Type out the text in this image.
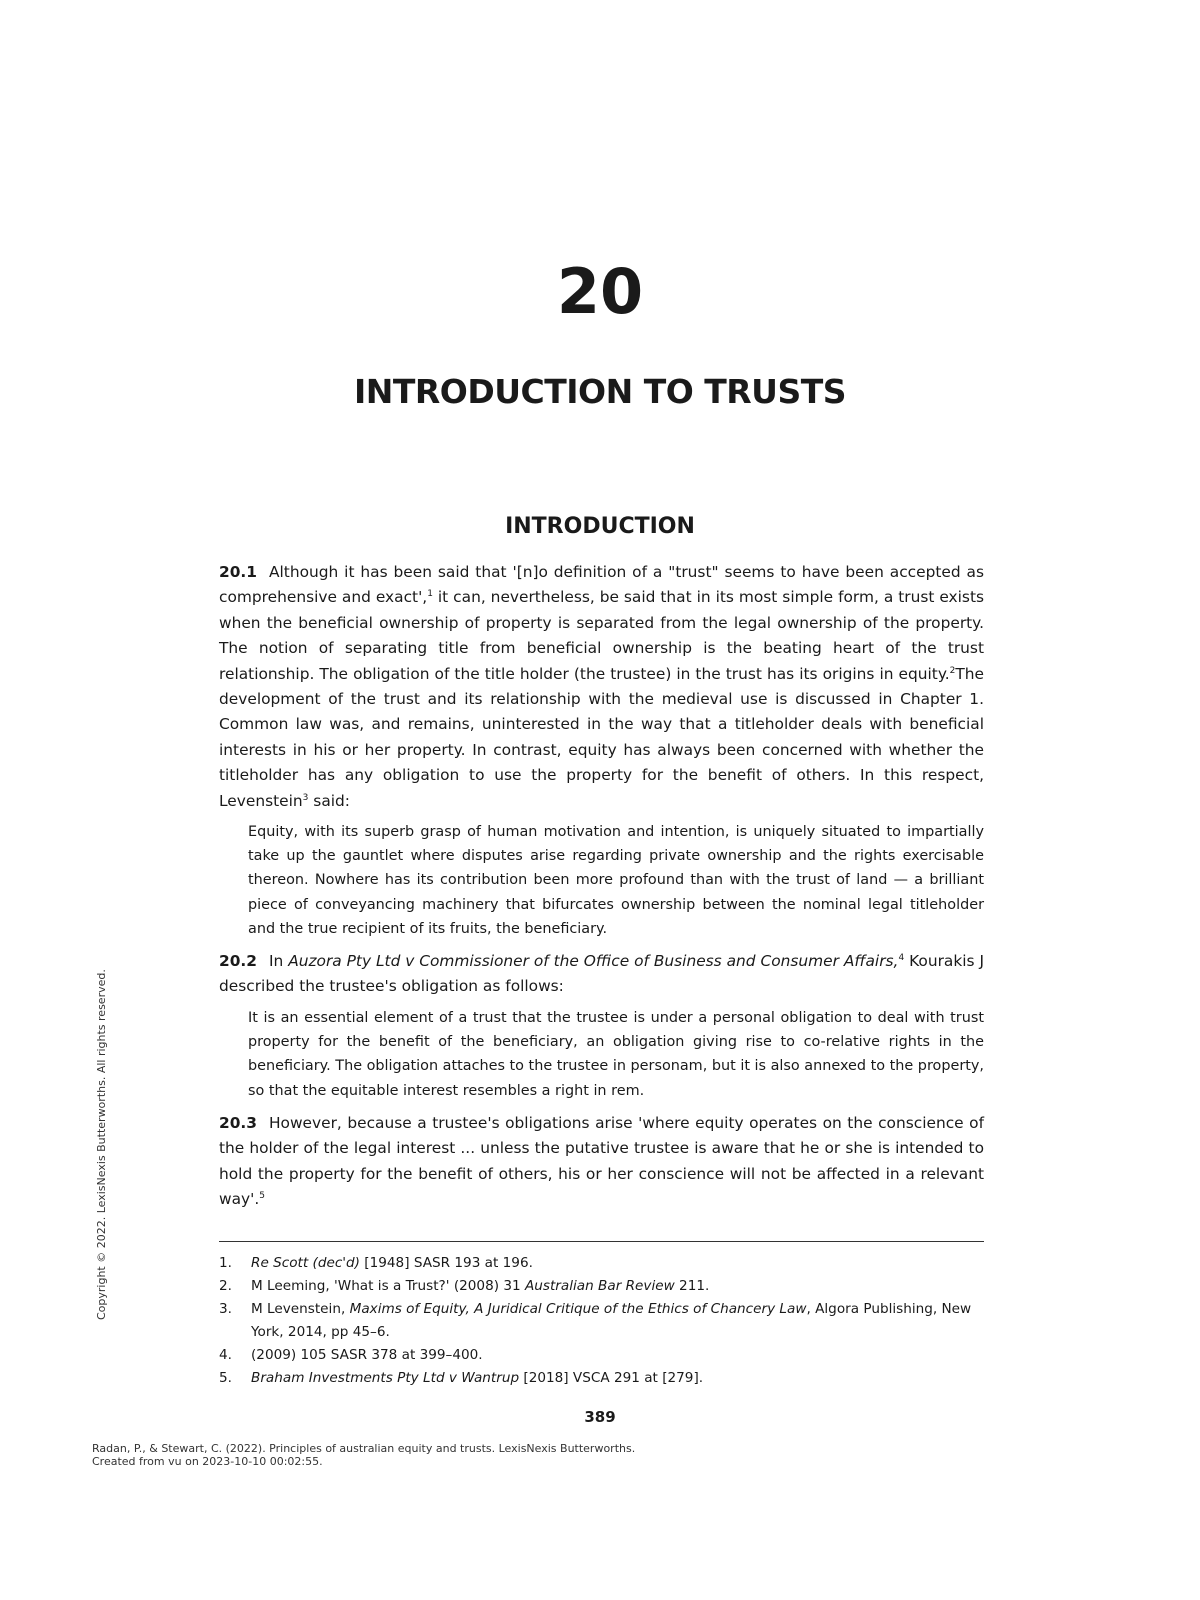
20
INTRODUCTION TO TRUSTS
INTRODUCTION

20.1 Although it has been said that '[n]o definition of a "trust" seems to have been accepted as comprehensive and exact',$^1$ it can, nevertheless, be said that in its most simple form, a trust exists when the beneficial ownership of property is separated from the legal ownership of the property. The notion of separating title from beneficial ownership is the beating heart of the trust relationship. The obligation of the title holder (the trustee) in the trust has its origins in equity.$^2$The development of the trust and its relationship with the medieval use is discussed in Chapter 1. Common law was, and remains, uninterested in the way that a titleholder deals with beneficial interests in his or her property. In contrast, equity has always been concerned with whether the titleholder has any obligation to use the property for the benefit of others. In this respect, Levenstein$^3$ said:

Equity, with its superb grasp of human motivation and intention, is uniquely situated to impartially take up the gauntlet where disputes arise regarding private ownership and the rights exercisable thereon. Nowhere has its contribution been more profound than with the trust of land — a brilliant piece of conveyancing machinery that bifurcates ownership between the nominal legal titleholder and the true recipient of its fruits, the beneficiary.

20.2 In Auzora Pty Ltd v Commissioner of the Office of Business and Consumer Affairs,$^4$ Kourakis J described the trustee's obligation as follows:

It is an essential element of a trust that the trustee is under a personal obligation to deal with trust property for the benefit of the beneficiary, an obligation giving rise to co-relative rights in the beneficiary. The obligation attaches to the trustee in personam, but it is also annexed to the property, so that the equitable interest resembles a right in rem.

20.3 However, because a trustee's obligations arise 'where equity operates on the conscience of the holder of the legal interest ... unless the putative trustee is aware that he or she is intended to hold the property for the benefit of others, his or her conscience will not be affected in a relevant way'.$^5$

1.	Re Scott (dec'd) [1948] SASR 193 at 196.
2.	M Leeming, 'What is a Trust?' (2008) 31 Australian Bar Review 211.
3.	M Levenstein, Maxims of Equity, A Juridical Critique of the Ethics of Chancery Law, Algora Publishing, New York, 2014, pp 45–6.
4.	(2009) 105 SASR 378 at 399–400.
5.	Braham Investments Pty Ltd v Wantrup [2018] VSCA 291 at [279].
389
Radan, P., & Stewart, C. (2022). Principles of australian equity and trusts. LexisNexis Butterworths.
Created from vu on 2023-10-10 00:02:55.
Copyright © 2022. LexisNexis Butterworths. All rights reserved.
